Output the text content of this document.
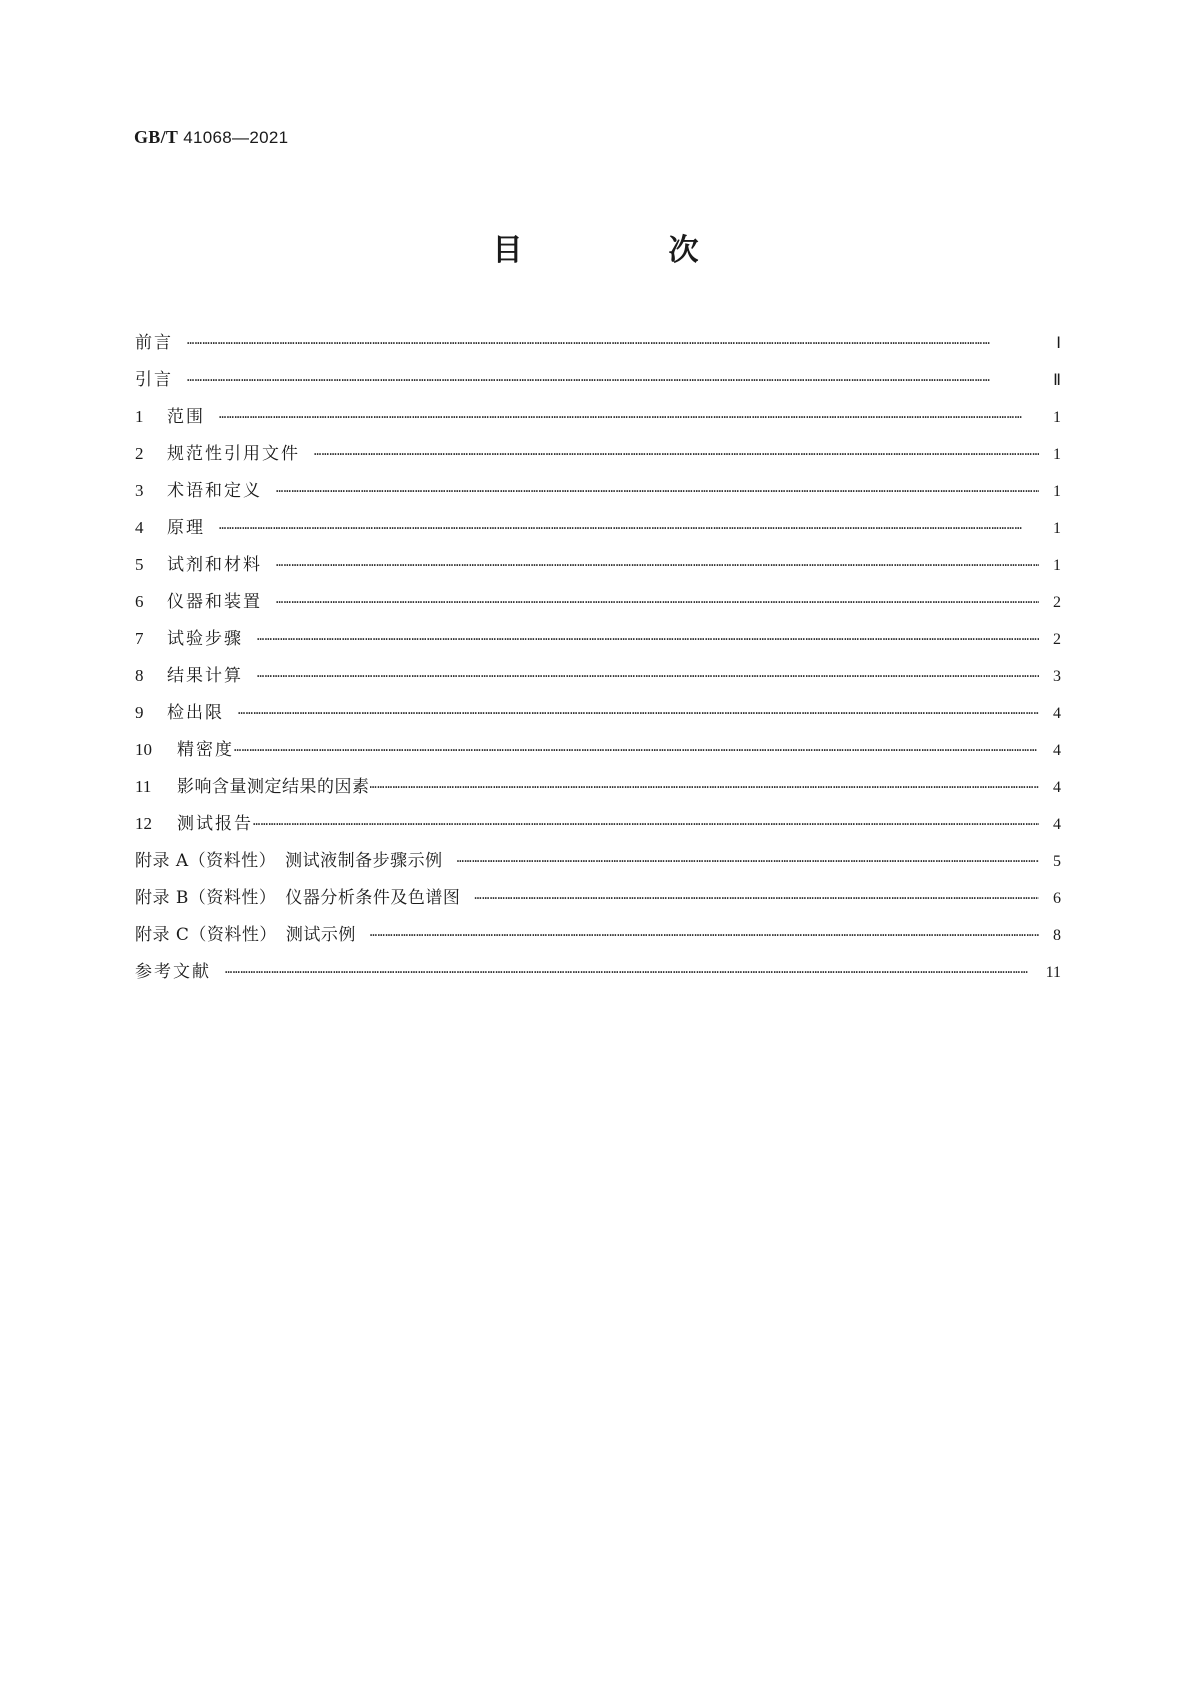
GB/T 41068—2021
目　次
前言 ……………………………………………………………………………………………………………………………………………………………………………………………………………………………………………………………………………………	Ⅰ
引言 ……………………………………………………………………………………………………………………………………………………………………………………………………………………………………………………………………………………	Ⅱ
1	范围 ……………………………………………………………………………………………………………………………………………………………………………………………………………………………………………………………………………………	1
2	规范性引用文件 ……………………………………………………………………………………………………………………………………………………………………………………………………………………………………………………………………………………	1
3	术语和定义 ……………………………………………………………………………………………………………………………………………………………………………………………………………………………………………………………………………………	1
4	原理 ……………………………………………………………………………………………………………………………………………………………………………………………………………………………………………………………………………………	1
5	试剂和材料 ……………………………………………………………………………………………………………………………………………………………………………………………………………………………………………………………………………………	1
6	仪器和装置 ……………………………………………………………………………………………………………………………………………………………………………………………………………………………………………………………………………………	2
7	试验步骤 ……………………………………………………………………………………………………………………………………………………………………………………………………………………………………………………………………………………	2
8	结果计算 ……………………………………………………………………………………………………………………………………………………………………………………………………………………………………………………………………………………	3
9	检出限 ……………………………………………………………………………………………………………………………………………………………………………………………………………………………………………………………………………………	4
10	精密度 ……………………………………………………………………………………………………………………………………………………………………………………………………………………………………………………………………………………	4
11	影响含量测定结果的因素 ……………………………………………………………………………………………………………………………………………………………………………………………………………………………………………………………………………………	4
12	测试报告 ……………………………………………………………………………………………………………………………………………………………………………………………………………………………………………………………………………………	4
附录 A（资料性）　测试液制备步骤示例 ……………………………………………………………………………………………………………………………………………………………………………………………………………………………………………………………………………………	5
附录 B（资料性）　仪器分析条件及色谱图 ……………………………………………………………………………………………………………………………………………………………………………………………………………………………………………………………………………………	6
附录 C（资料性）　测试示例 ……………………………………………………………………………………………………………………………………………………………………………………………………………………………………………………………………………………	8
参考文献 ……………………………………………………………………………………………………………………………………………………………………………………………………………………………………………………………………………………	11
